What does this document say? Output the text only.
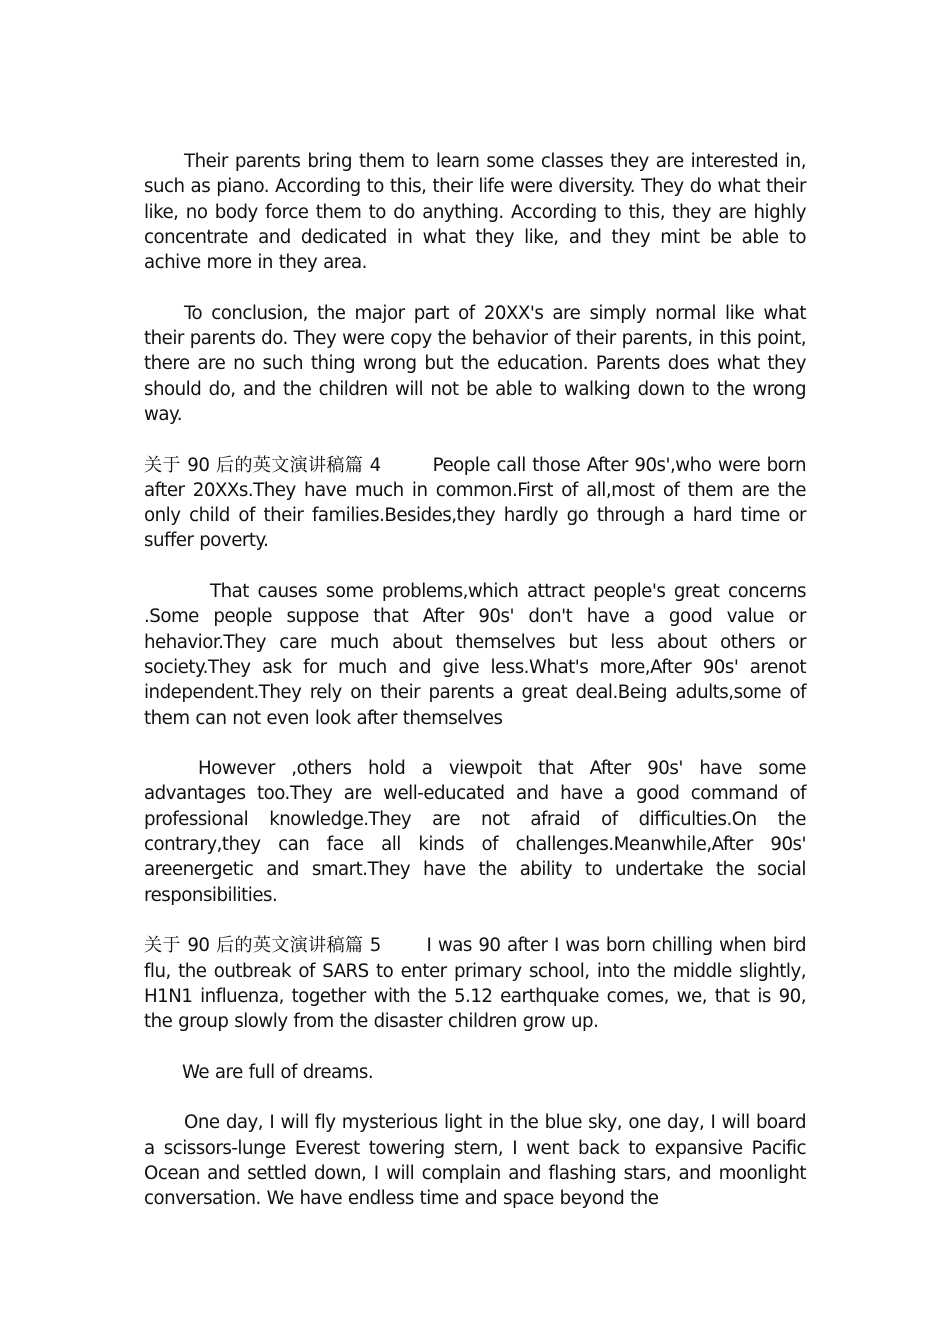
Their parents bring them to learn some classes they are interested in, such as piano. According to this, their life were diversity. They do what their like, no body force them to do anything. According to this, they are highly concentrate and dedicated in what they like, and they mint be able to achive more in they area.

To conclusion, the major part of 20XX's are simply normal like what their parents do. They were copy the behavior of their parents, in this point, there are no such thing wrong but the education. Parents does what they should do, and the children will not be able to walking down to the wrong way.

关于 90 后的英文演讲稿篇 4	People call those After 90s',who were born after 20XXs.They have much in common.First of all,most of them are the only child of their families.Besides,they hardly go through a hard time or suffer poverty.

That causes some problems,which attract people's great concerns .Some people suppose that After 90s' don't have a good value or hehavior.They care much about themselves but less about others or society.They ask for much and give less.What's more,After 90s' arenot independent.They rely on their parents a great deal.Being adults,some of them can not even look after themselves

However ,others hold a viewpoit that After 90s' have some advantages too.They are well-educated and have a good command of professional knowledge.They are not afraid of difficulties.On the contrary,they can face all kinds of challenges.Meanwhile,After 90s' areenergetic and smart.They have the ability to undertake the social responsibilities.

关于 90 后的英文演讲稿篇 5	I was 90 after I was born chilling when bird flu, the outbreak of SARS to enter primary school, into the middle slightly, H1N1 influenza, together with the 5.12 earthquake comes, we, that is 90, the group slowly from the disaster children grow up.

We are full of dreams.

One day, I will fly mysterious light in the blue sky, one day, I will board a scissors-lunge Everest towering stern, I went back to expansive Pacific Ocean and settled down, I will complain and flashing stars, and moonlight conversation. We have endless time and space beyond the
